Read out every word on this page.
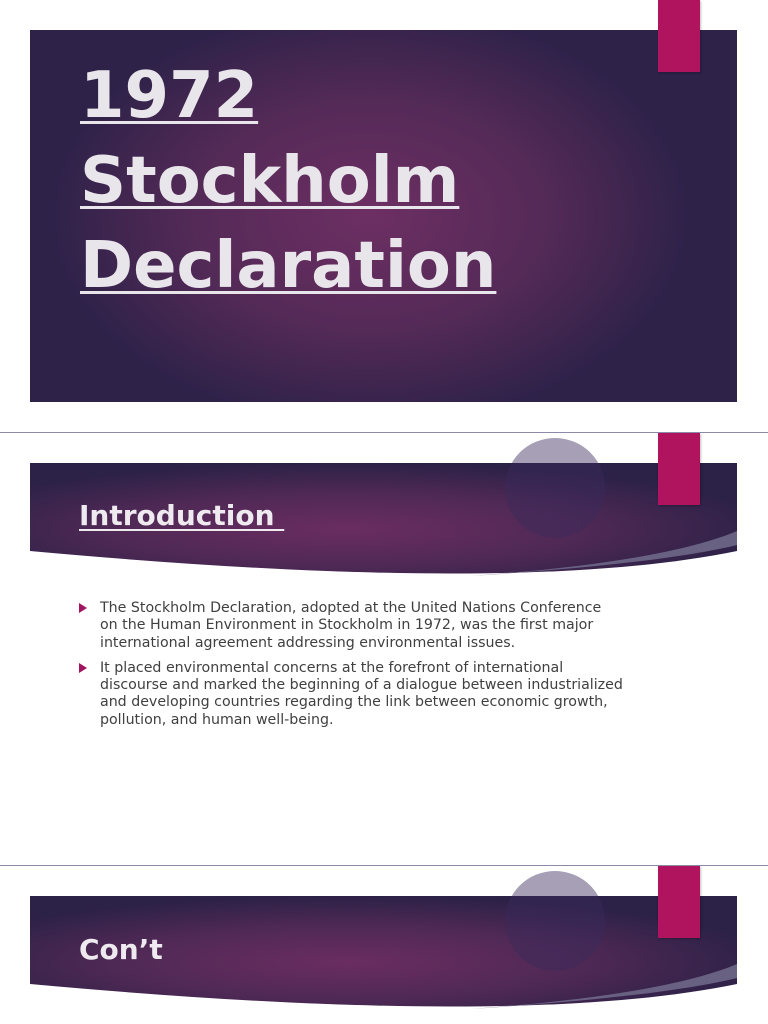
1972 Stockholm Declaration
Introduction
The Stockholm Declaration, adopted at the United Nations Conference on the Human Environment in Stockholm in 1972, was the first major international agreement addressing environmental issues.
It placed environmental concerns at the forefront of international discourse and marked the beginning of a dialogue between industrialized and developing countries regarding the link between economic growth, pollution, and human well-being.
Con’t
